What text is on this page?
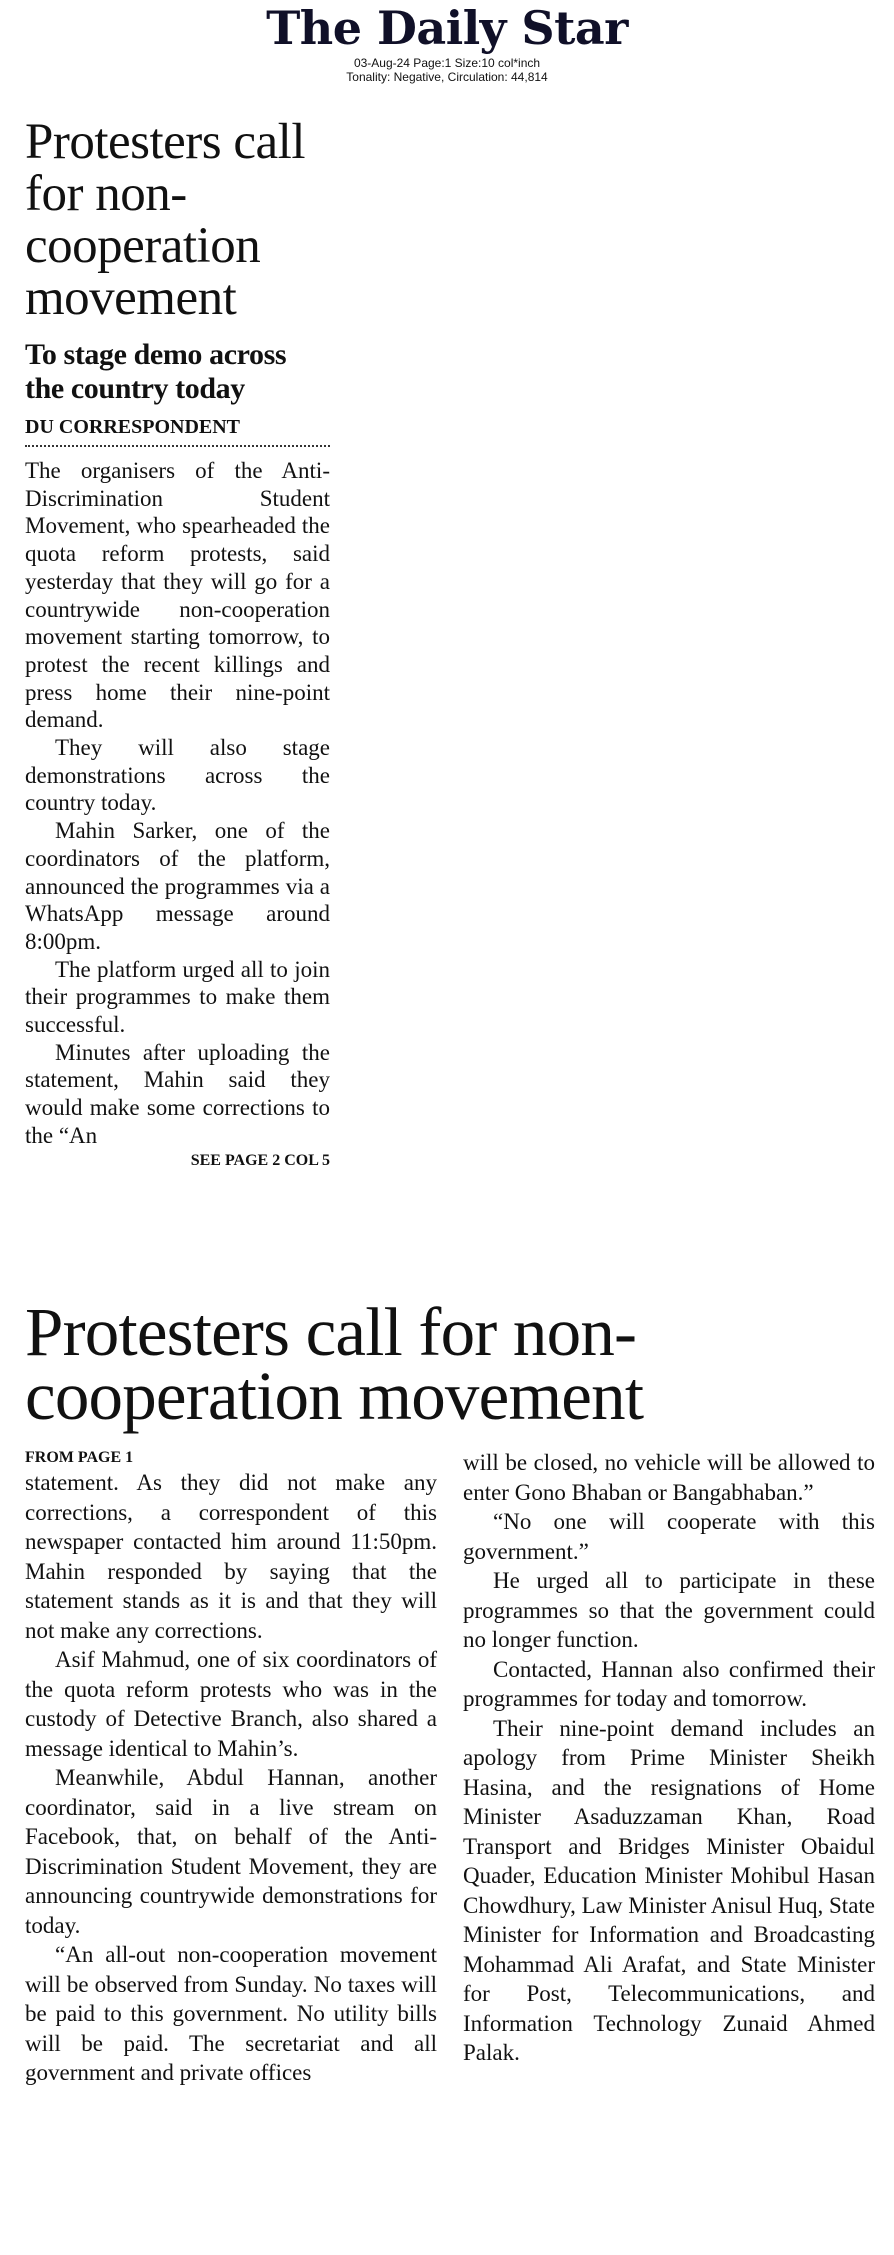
The Daily Star
03-Aug-24 Page:1 Size:10 col*inch
Tonality: Negative, Circulation: 44,814
Protesters call for non-cooperation movement
To stage demo across the country today
DU CORRESPONDENT

The organisers of the Anti-Discrimination Student Movement, who spearheaded the quota reform protests, said yesterday that they will go for a countrywide non-cooperation movement starting tomorrow, to protest the recent killings and press home their nine-point demand.

They will also stage demonstrations across the country today.

Mahin Sarker, one of the coordinators of the platform, announced the programmes via a WhatsApp message around 8:00pm.

The platform urged all to join their programmes to make them successful.

Minutes after uploading the statement, Mahin said they would make some corrections to the “An

SEE PAGE 2 COL 5
Protesters call for non-cooperation movement
FROM PAGE 1

statement. As they did not make any corrections, a correspondent of this newspaper contacted him around 11:50pm. Mahin responded by saying that the statement stands as it is and that they will not make any corrections.

Asif Mahmud, one of six coordinators of the quota reform protests who was in the custody of Detective Branch, also shared a message identical to Mahin’s.

Meanwhile, Abdul Hannan, another coordinator, said in a live stream on Facebook, that, on behalf of the Anti-Discrimination Student Movement, they are announcing countrywide demonstrations for today.

“An all-out non-cooperation movement will be observed from Sunday. No taxes will be paid to this government. No utility bills will be paid. The secretariat and all government and private offices

will be closed, no vehicle will be allowed to enter Gono Bhaban or Bangabhaban.”

“No one will cooperate with this government.”

He urged all to participate in these programmes so that the government could no longer function.

Contacted, Hannan also confirmed their programmes for today and tomorrow.

Their nine-point demand includes an apology from Prime Minister Sheikh Hasina, and the resignations of Home Minister Asaduzzaman Khan, Road Transport and Bridges Minister Obaidul Quader, Education Minister Mohibul Hasan Chowdhury, Law Minister Anisul Huq, State Minister for Information and Broadcasting Mohammad Ali Arafat, and State Minister for Post, Telecommunications, and Information Technology Zunaid Ahmed Palak.
